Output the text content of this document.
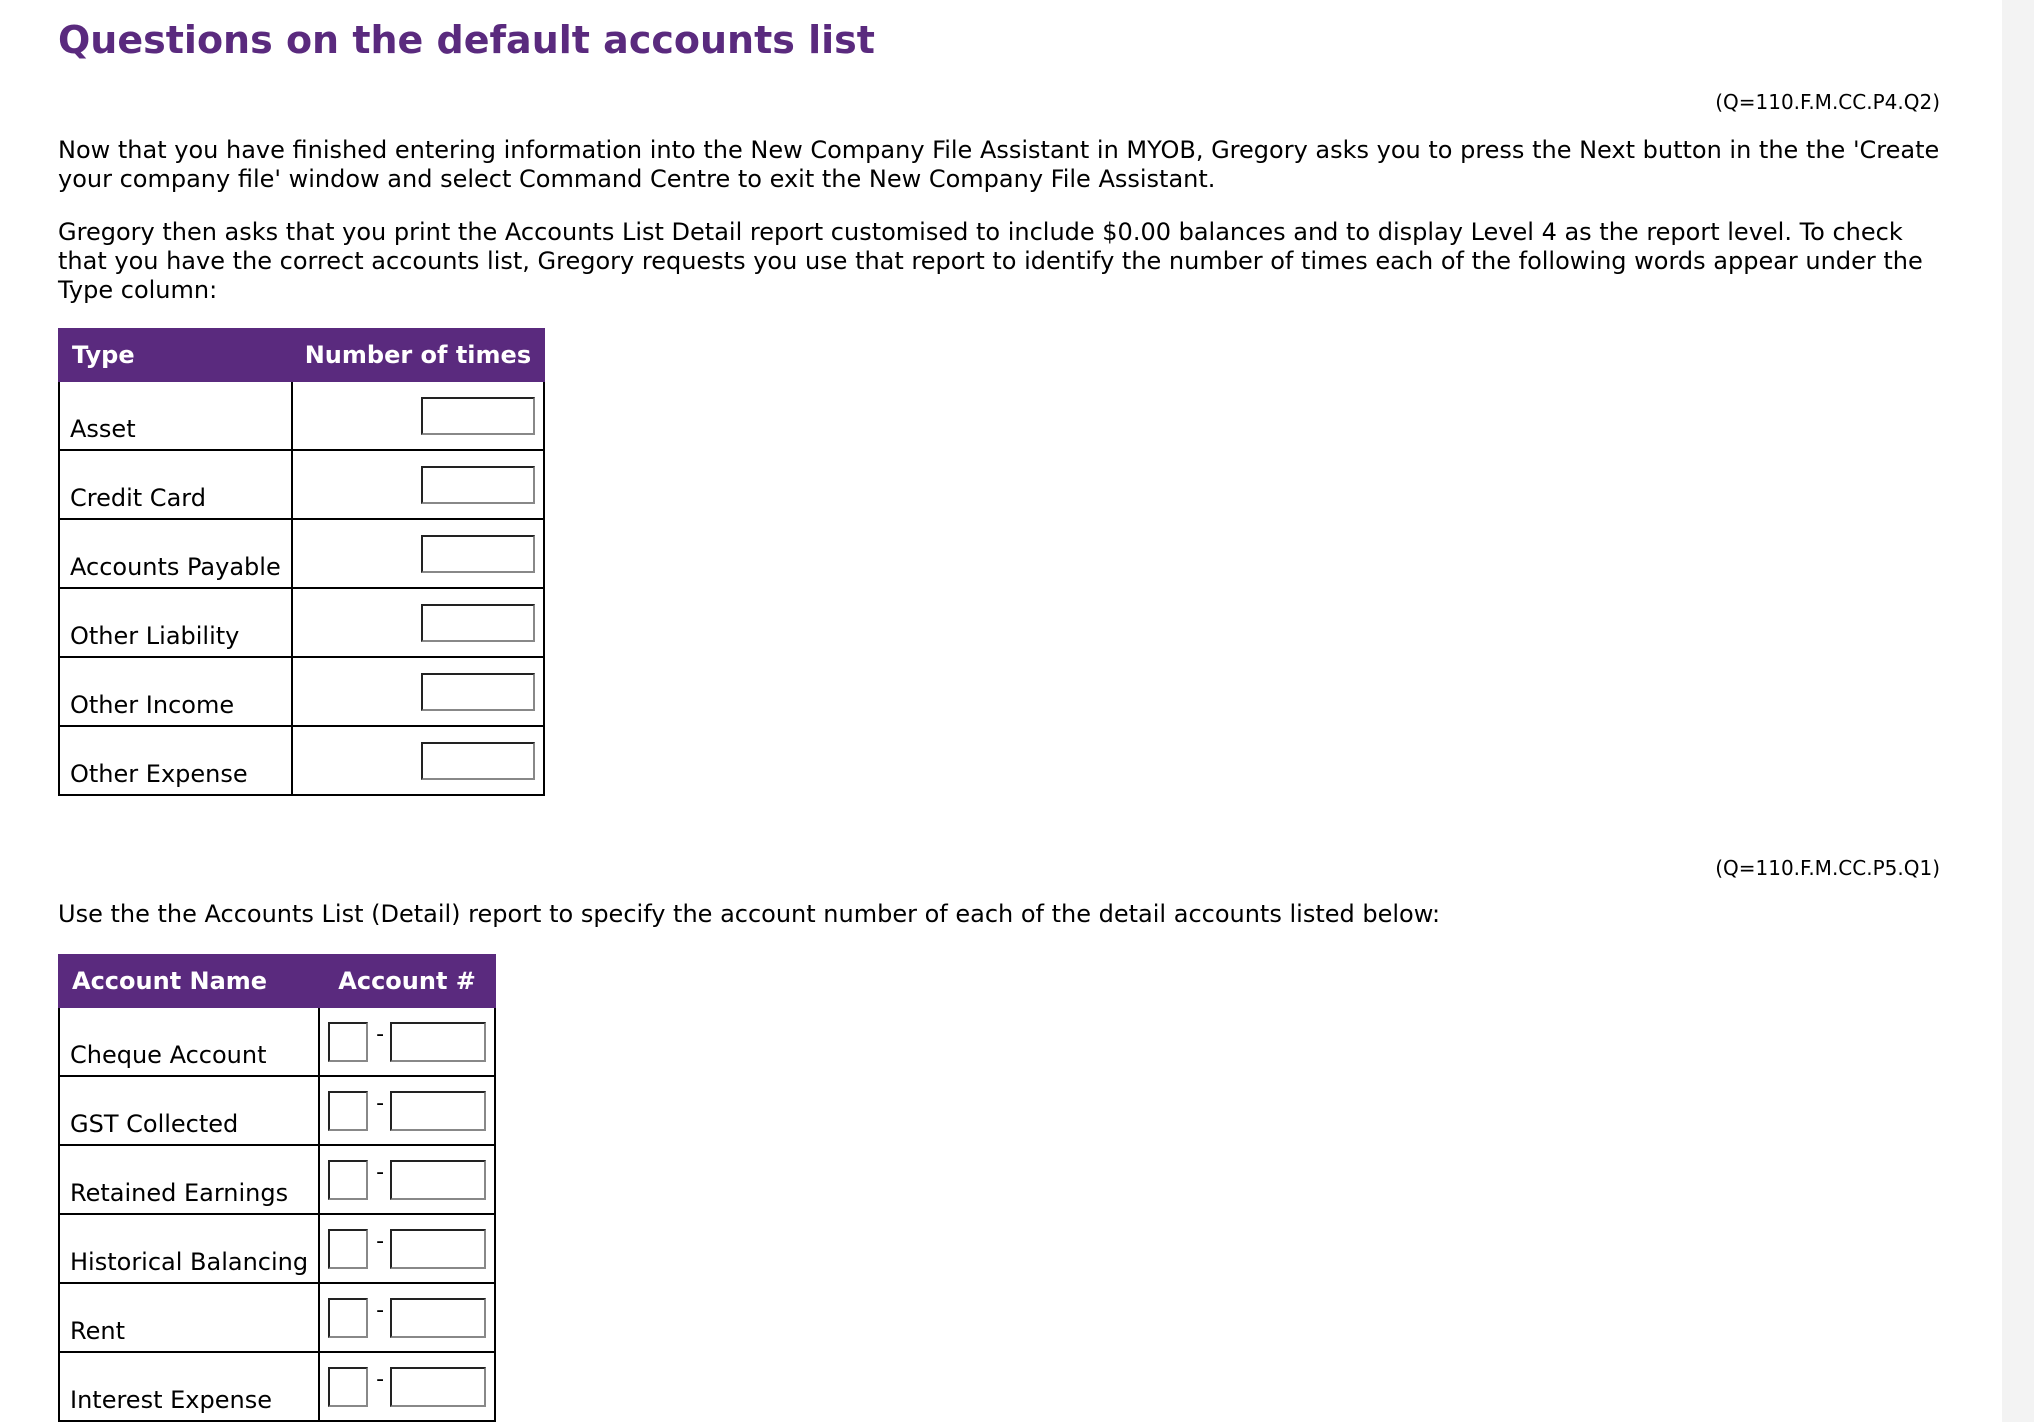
Questions on the default accounts list
(Q=110.F.M.CC.P4.Q2)

Now that you have finished entering information into the New Company File Assistant in MYOB, Gregory asks you to press the Next button in the the 'Create your company file' window and select Command Centre to exit the New Company File Assistant.

Gregory then asks that you print the Accounts List Detail report customised to include $0.00 balances and to display Level 4 as the report level. To check that you have the correct accounts list, Gregory requests you use that report to identify the number of times each of the following words appear under the Type column:

Type	Number of times
Asset	
Credit Card	
Accounts Payable	
Other Liability	
Other Income	
Other Expense	
(Q=110.F.M.CC.P5.Q1)

Use the the Accounts List (Detail) report to specify the account number of each of the detail accounts listed below:

Account Name	Account #
Cheque Account	-

GST Collected	-

Retained Earnings	-

Historical Balancing	-

Rent	-

Interest Expense	-
